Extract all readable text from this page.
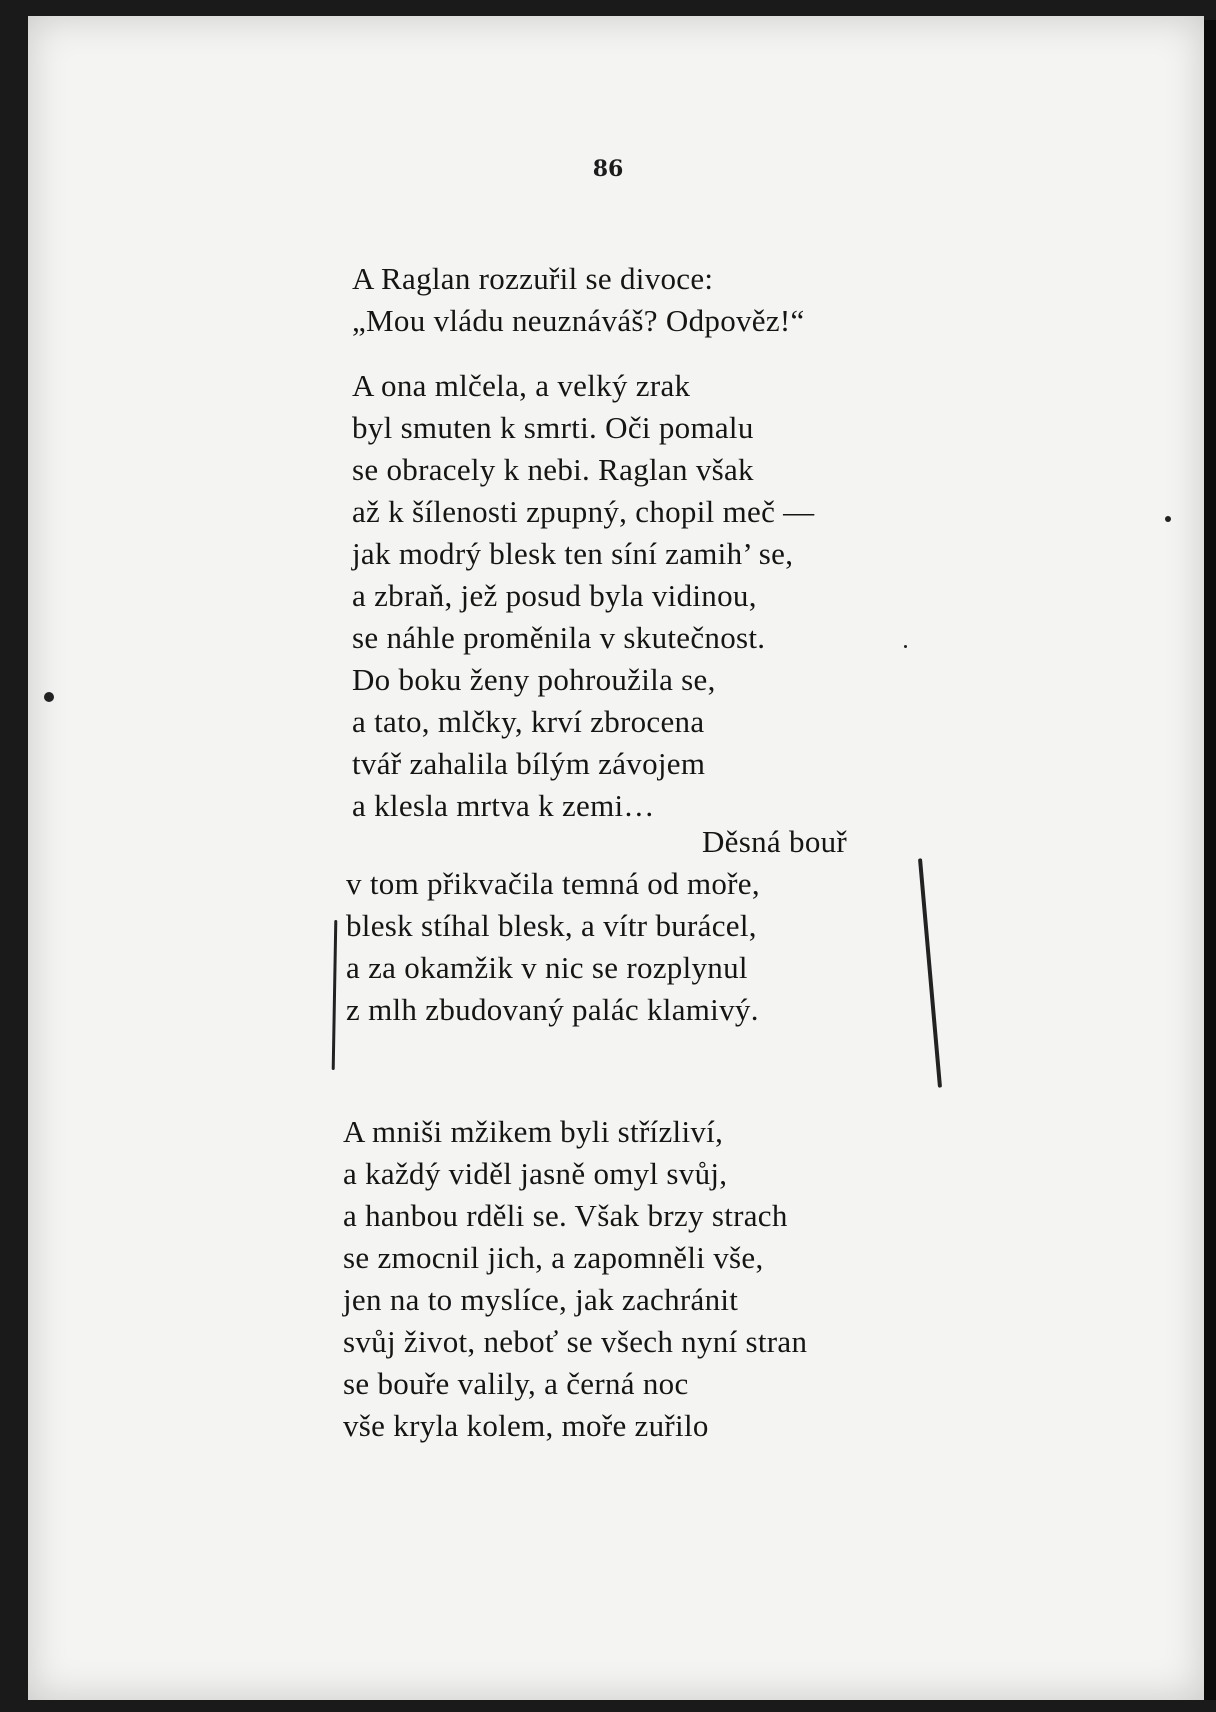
86
A Raglan rozzuřil se divoce:
„Mou vládu neuznáváš? Odpověz!“
A ona mlčela, a velký zrak
byl smuten k smrti. Oči pomalu
se obracely k nebi. Raglan však
až k šílenosti zpupný, chopil meč —
jak modrý blesk ten síní zamih’ se,
a zbraň, jež posud byla vidinou,
se náhle proměnila v skutečnost.
Do boku ženy pohroužila se,
a tato, mlčky, krví zbrocena
tvář zahalila bílým závojem
a klesla mrtva k zemi…
Děsná bouř
v tom přikvačila temná od moře,
blesk stíhal blesk, a vítr burácel,
a za okamžik v nic se rozplynul
z mlh zbudovaný palác klamivý.
A mniši mžikem byli střízliví,
a každý viděl jasně omyl svůj,
a hanbou rděli se. Však brzy strach
se zmocnil jich, a zapomněli vše,
jen na to myslíce, jak zachránit
svůj život, neboť se všech nyní stran
se bouře valily, a černá noc
vše kryla kolem, moře zuřilo
